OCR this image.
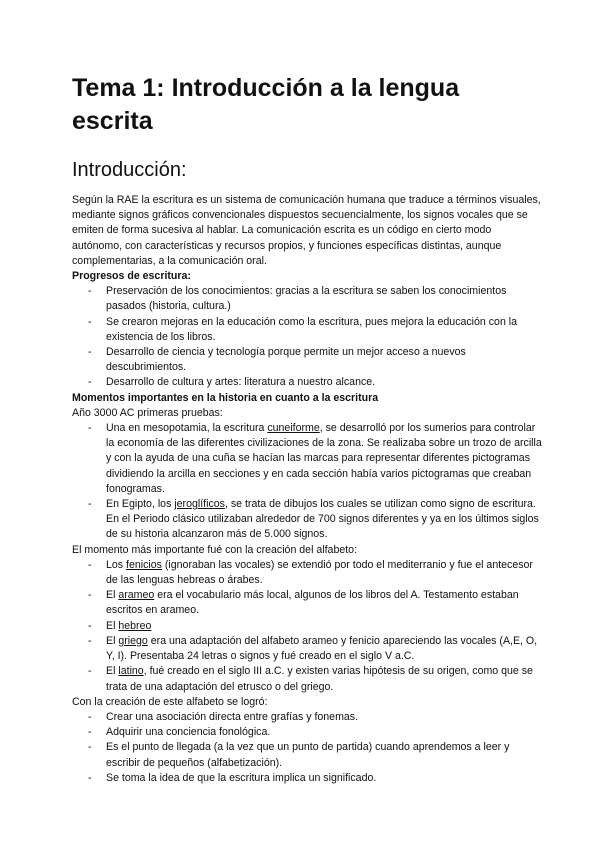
Tema 1: Introducción a la lengua escrita
Introducción:

Según la RAE la escritura es un sistema de comunicación humana que traduce a términos visuales, mediante signos gráficos convencionales dispuestos secuencialmente, los signos vocales que se emiten de forma sucesiva al hablar. La comunicación escrita es un código en cierto modo autónomo, con características y recursos propios, y funciones específicas distintas, aunque complementarias, a la comunicación oral.

Progresos de escritura:

- Preservación de los conocimientos: gracias a la escritura se saben los conocimientos pasados (historia, cultura.)
- Se crearon mejoras en la educación como la escritura, pues mejora la educación con la existencia de los libros.
- Desarrollo de ciencia y tecnología porque permite un mejor acceso a nuevos descubrimientos.
- Desarrollo de cultura y artes: literatura a nuestro alcance.

Momentos importantes en la historia en cuanto a la escritura

Año 3000 AC primeras pruebas:

- Una en mesopotamia, la escritura cuneiforme, se desarrolló por los sumerios para controlar la economía de las diferentes civilizaciones de la zona. Se realizaba sobre un trozo de arcilla y con la ayuda de una cuña se hacían las marcas para representar diferentes pictogramas dividiendo la arcilla en secciones y en cada sección había varios pictogramas que creaban fonogramas.
- En Egipto, los jeroglíficos, se trata de dibujos los cuales se utilizan como signo de escritura. En el Periodo clásico utilizaban alrededor de 700 signos diferentes y ya en los últimos siglos de su historia alcanzaron más de 5.000 signos.

El momento más importante fué con la creación del alfabeto:

- Los fenicios (ignoraban las vocales) se extendió por todo el mediterranio y fue el antecesor de las lenguas hebreas o árabes.
- El arameo era el vocabulario más local, algunos de los libros del A. Testamento estaban escritos en arameo.
- El hebreo
- El griego era una adaptación del alfabeto arameo y fenicio apareciendo las vocales (A,E, O, Y, I). Presentaba 24 letras o signos y fué creado en el siglo V a.C.
- El latino, fué creado en el siglo III a.C. y existen varias hipótesis de su origen, como que se trata de una adaptación del etrusco o del griego.

Con la creación de este alfabeto se logró:

- Crear una asociación directa entre grafías y fonemas.
- Adquirir una conciencia fonológica.
- Es el punto de llegada (a la vez que un punto de partida) cuando aprendemos a leer y escribir de pequeños (alfabetización).
- Se toma la idea de que la escritura implica un significado.
